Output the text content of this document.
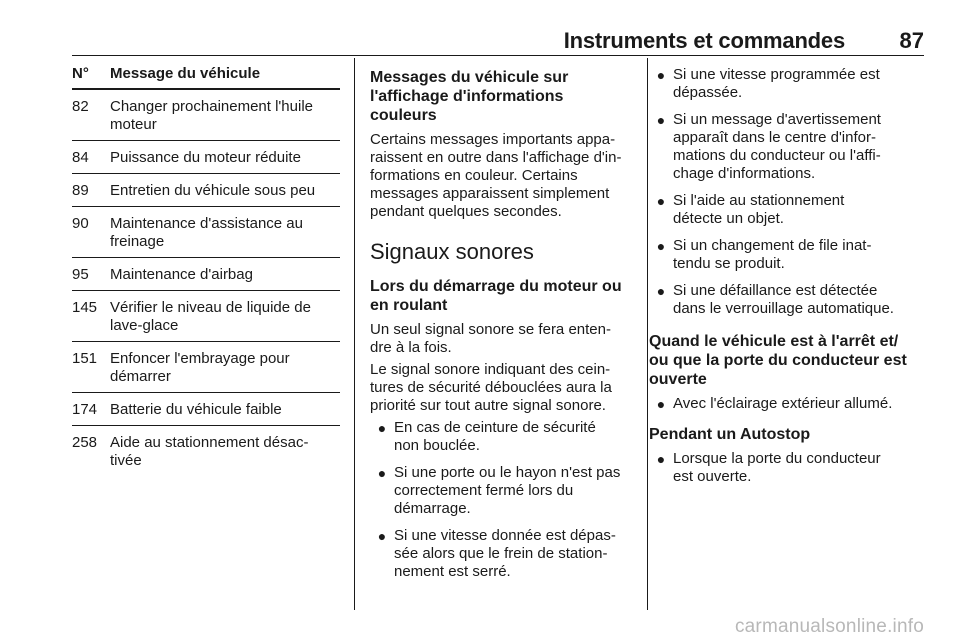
Instruments et commandes 87
N°	Message du véhicule
82	Changer prochainement l'huile
moteur
84	Puissance du moteur réduite
89	Entretien du véhicule sous peu
90	Maintenance d'assistance au
freinage
95	Maintenance d'airbag
145 Vérifier le niveau de liquide de
lave-glace
151 Enfoncer l'embrayage pour
démarrer
174 Batterie du véhicule faible
258 Aide au stationnement désac-
tivée
Messages du véhicule sur
l'affichage d'informations
couleurs

Certains messages importants appa-
raissent en outre dans l'affichage d'in-
formations en couleur. Certains
messages apparaissent simplement
pendant quelques secondes.

Signaux sonores
Lors du démarrage du moteur ou
en roulant

Un seul signal sonore se fera enten-
dre à la fois.

Le signal sonore indiquant des cein-
tures de sécurité débouclées aura la
priorité sur tout autre signal sonore.

● En cas de ceinture de sécurité
non bouclée.
● Si une porte ou le hayon n'est pas
correctement fermé lors du
démarrage.
● Si une vitesse donnée est dépas-
sée alors que le frein de station-
nement est serré.
● Si une vitesse programmée est
dépassée.
● Si un message d'avertissement
apparaît dans le centre d'infor-
mations du conducteur ou l'affi-
chage d'informations.
● Si l'aide au stationnement
détecte un objet.
● Si un changement de file inat-
tendu se produit.
● Si une défaillance est détectée
dans le verrouillage automatique.
Quand le véhicule est à l'arrêt et/
ou que la porte du conducteur est
ouverte
● Avec l'éclairage extérieur allumé.
Pendant un Autostop
● Lorsque la porte du conducteur
est ouverte.
carmanualsonline.info
